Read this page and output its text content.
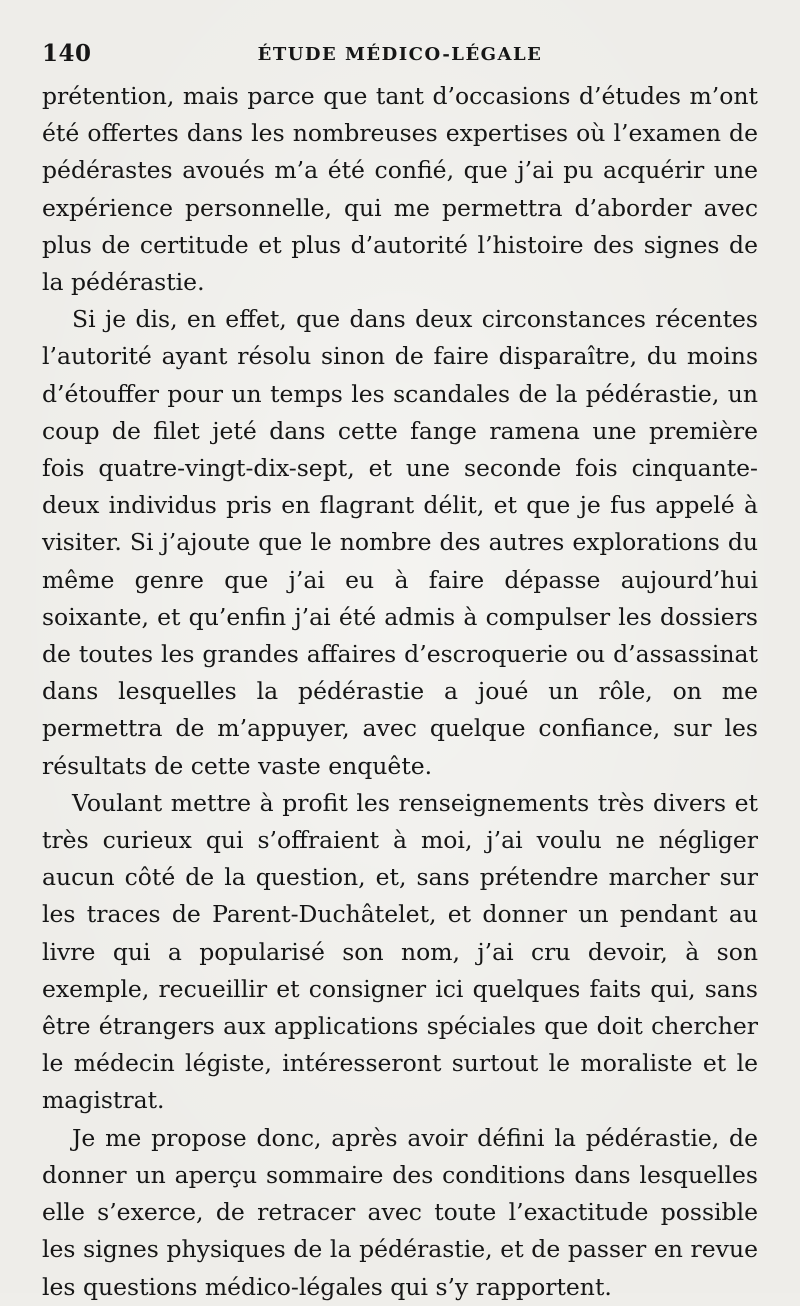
140	ÉTUDE MÉDICO-LÉGALE

prétention, mais parce que tant d’occasions d’études m’ont été offertes dans les nombreuses expertises où l’examen de pédérastes avoués m’a été confié, que j’ai pu acquérir une expérience personnelle, qui me permettra d’aborder avec plus de certitude et plus d’autorité l’histoire des signes de la pédérastie.

Si je dis, en effet, que dans deux circonstances récentes l’autorité ayant résolu sinon de faire disparaître, du moins d’étouffer pour un temps les scandales de la pédérastie, un coup de filet jeté dans cette fange ramena une première fois quatre-vingt-dix-sept, et une seconde fois cinquante-deux individus pris en flagrant délit, et que je fus appelé à visiter. Si j’ajoute que le nombre des autres explorations du même genre que j’ai eu à faire dépasse aujourd’hui soixante, et qu’enfin j’ai été admis à compulser les dossiers de toutes les grandes affaires d’escroquerie ou d’assassinat dans lesquelles la pédérastie a joué un rôle, on me permettra de m’appuyer, avec quelque confiance, sur les résultats de cette vaste enquête.

Voulant mettre à profit les renseignements très divers et très curieux qui s’offraient à moi, j’ai voulu ne négliger aucun côté de la question, et, sans prétendre marcher sur les traces de Parent-Duchâtelet, et donner un pendant au livre qui a popularisé son nom, j’ai cru devoir, à son exemple, recueillir et consigner ici quelques faits qui, sans être étrangers aux applications spéciales que doit chercher le médecin légiste, intéresseront surtout le moraliste et le magistrat.

Je me propose donc, après avoir défini la pédérastie, de donner un aperçu sommaire des conditions dans lesquelles elle s’exerce, de retracer avec toute l’exactitude possible les signes physiques de la pédérastie, et de passer en revue les questions médico-légales qui s’y rapportent.
